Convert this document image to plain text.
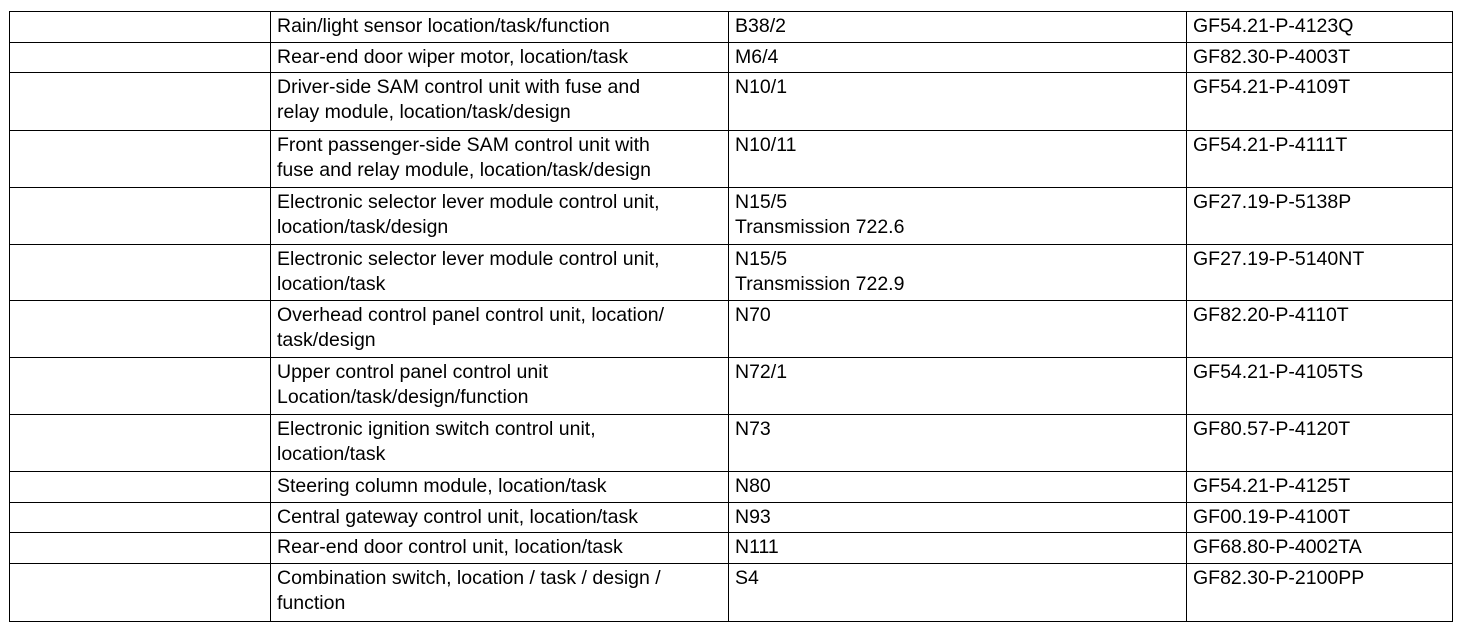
	Rain/light sensor location/task/function	B38/2	GF54.21-P-4123Q
	Rear-end door wiper motor, location/task	M6/4	GF82.30-P-4003T
	Driver-side SAM control unit with fuse and
relay module, location/task/design	N10/1	GF54.21-P-4109T
	Front passenger-side SAM control unit with
fuse and relay module, location/task/design	N10/11	GF54.21-P-4111T
	Electronic selector lever module control unit,
location/task/design	N15/5
Transmission 722.6	GF27.19-P-5138P
	Electronic selector lever module control unit,
location/task	N15/5
Transmission 722.9	GF27.19-P-5140NT
	Overhead control panel control unit, location/
task/design	N70	GF82.20-P-4110T
	Upper control panel control unit
Location/task/design/function	N72/1	GF54.21-P-4105TS
	Electronic ignition switch control unit,
location/task	N73	GF80.57-P-4120T
	Steering column module, location/task	N80	GF54.21-P-4125T
	Central gateway control unit, location/task	N93	GF00.19-P-4100T
	Rear-end door control unit, location/task	N111	GF68.80-P-4002TA
	Combination switch, location / task / design /
function	S4	GF82.30-P-2100PP
